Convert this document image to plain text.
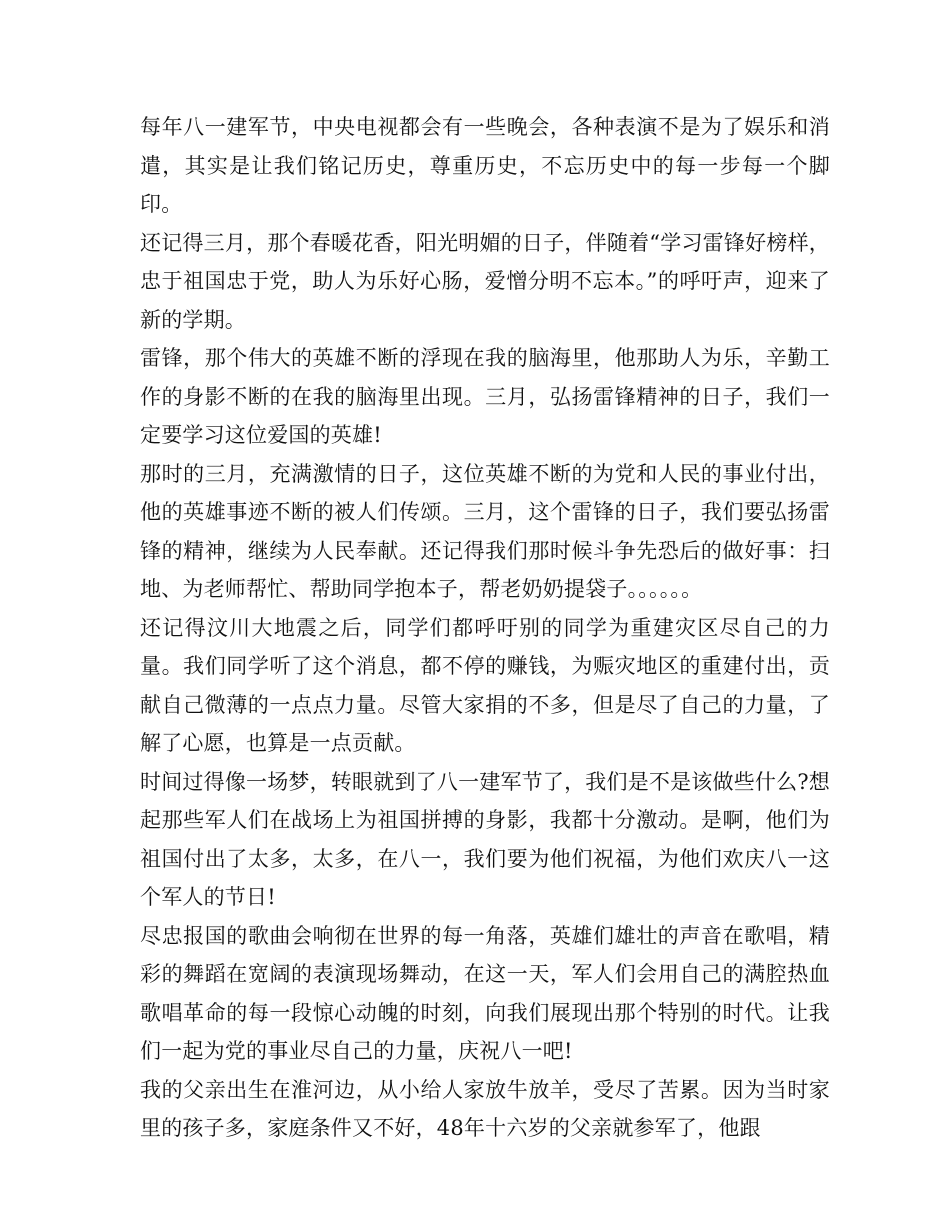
每年八一建军节，中央电视都会有一些晚会，各种表演不是为了娱乐和消遣，其实是让我们铭记历史，尊重历史，不忘历史中的每一步每一个脚印。

还记得三月，那个春暖花香，阳光明媚的日子，伴随着“学习雷锋好榜样，忠于祖国忠于党，助人为乐好心肠，爱憎分明不忘本。”的呼吁声，迎来了新的学期。

雷锋，那个伟大的英雄不断的浮现在我的脑海里，他那助人为乐，辛勤工作的身影不断的在我的脑海里出现。三月，弘扬雷锋精神的日子，我们一定要学习这位爱国的英雄!

那时的三月，充满激情的日子，这位英雄不断的为党和人民的事业付出，他的英雄事迹不断的被人们传颂。三月，这个雷锋的日子，我们要弘扬雷锋的精神，继续为人民奉献。还记得我们那时候斗争先恐后的做好事：扫地、为老师帮忙、帮助同学抱本子，帮老奶奶提袋子。。。。。。

还记得汶川大地震之后，同学们都呼吁别的同学为重建灾区尽自己的力量。我们同学听了这个消息，都不停的赚钱，为赈灾地区的重建付出，贡献自己微薄的一点点力量。尽管大家捐的不多，但是尽了自己的力量，了解了心愿，也算是一点贡献。

时间过得像一场梦，转眼就到了八一建军节了，我们是不是该做些什么?想起那些军人们在战场上为祖国拼搏的身影，我都十分激动。是啊，他们为祖国付出了太多，太多，在八一，我们要为他们祝福，为他们欢庆八一这个军人的节日!

尽忠报国的歌曲会响彻在世界的每一角落，英雄们雄壮的声音在歌唱，精彩的舞蹈在宽阔的表演现场舞动，在这一天，军人们会用自己的满腔热血歌唱革命的每一段惊心动魄的时刻，向我们展现出那个特别的时代。让我们一起为党的事业尽自己的力量，庆祝八一吧!

我的父亲出生在淮河边，从小给人家放牛放羊，受尽了苦累。因为当时家里的孩子多，家庭条件又不好，48年十六岁的父亲就参军了，他跟
